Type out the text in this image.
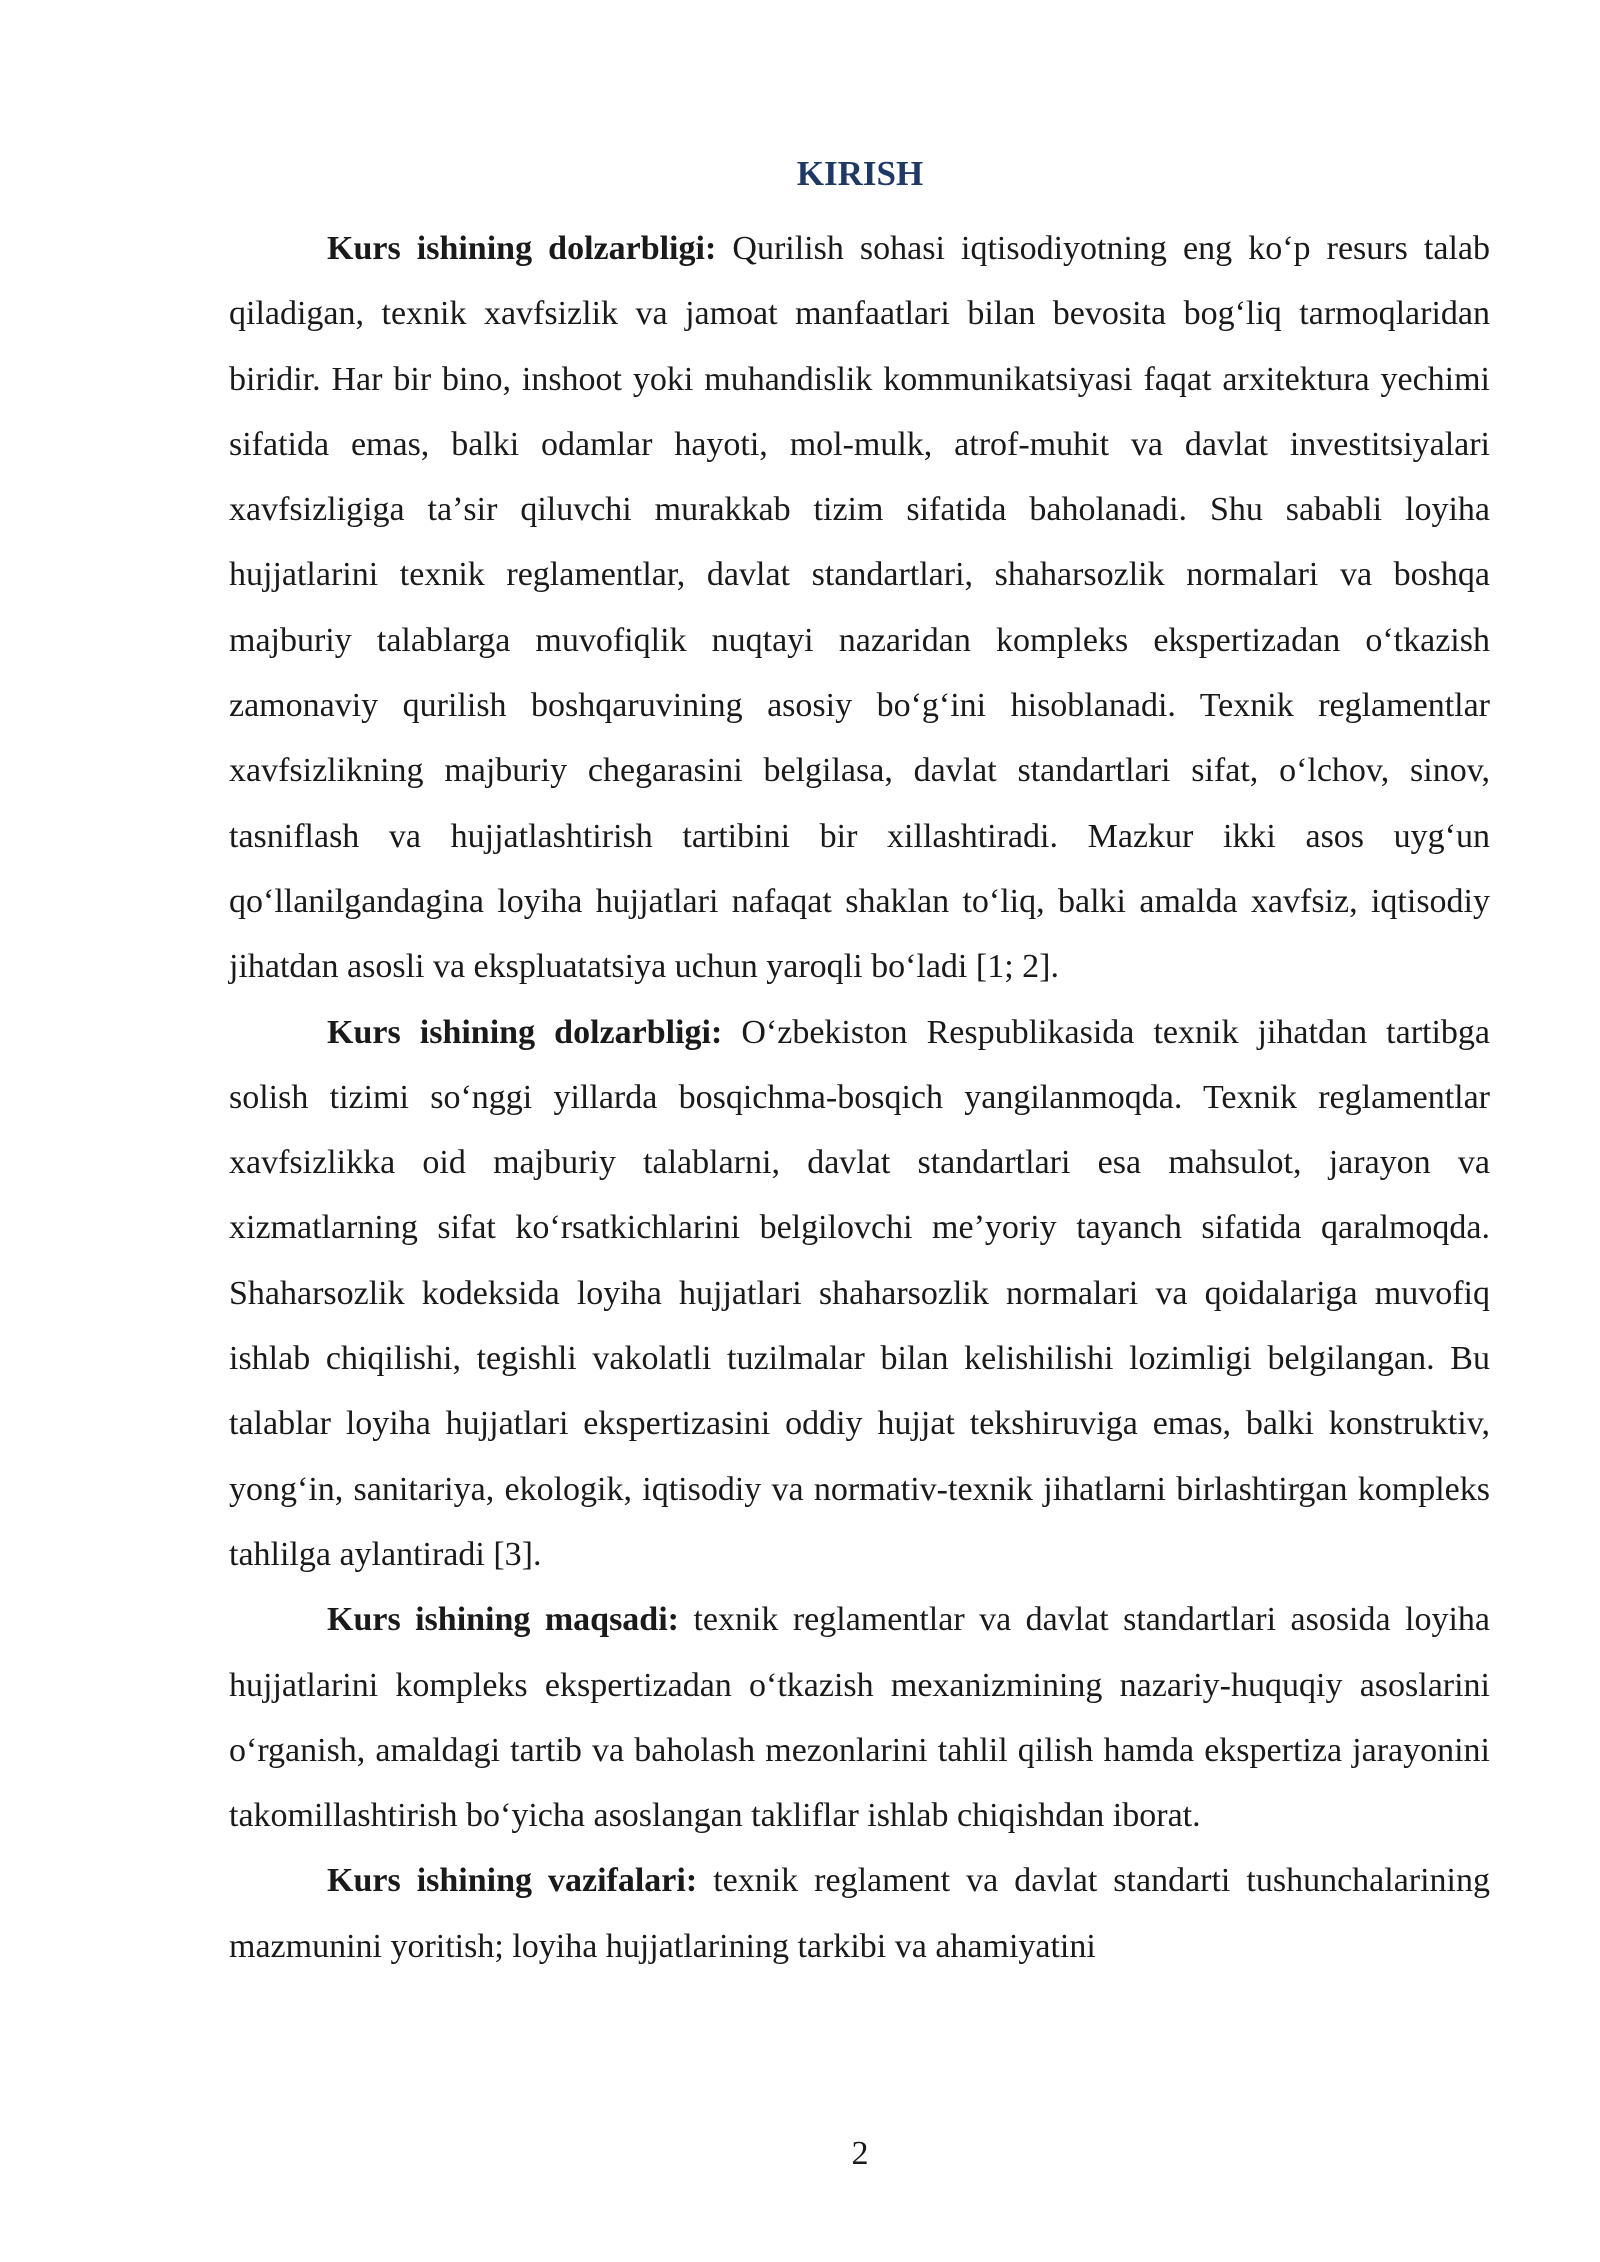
KIRISH

Kurs ishining dolzarbligi: Qurilish sohasi iqtisodiyotning eng koʻp resurs talab qiladigan, texnik xavfsizlik va jamoat manfaatlari bilan bevosita bogʻliq tarmoqlaridan biridir. Har bir bino, inshoot yoki muhandislik kommunikatsiyasi faqat arxitektura yechimi sifatida emas, balki odamlar hayoti, mol-mulk, atrof-muhit va davlat investitsiyalari xavfsizligiga taʼsir qiluvchi murakkab tizim sifatida baholanadi. Shu sababli loyiha hujjatlarini texnik reglamentlar, davlat standartlari, shaharsozlik normalari va boshqa majburiy talablarga muvofiqlik nuqtayi nazaridan kompleks ekspertizadan oʻtkazish zamonaviy qurilish boshqaruvining asosiy boʻgʻini hisoblanadi. Texnik reglamentlar xavfsizlikning majburiy chegarasini belgilasa, davlat standartlari sifat, oʻlchov, sinov, tasniflash va hujjatlashtirish tartibini bir xillashtiradi. Mazkur ikki asos uygʻun qoʻllanilgandagina loyiha hujjatlari nafaqat shaklan toʻliq, balki amalda xavfsiz, iqtisodiy jihatdan asosli va ekspluatatsiya uchun yaroqli boʻladi [1; 2].

Kurs ishining dolzarbligi: Oʻzbekiston Respublikasida texnik jihatdan tartibga solish tizimi soʻnggi yillarda bosqichma-bosqich yangilanmoqda. Texnik reglamentlar xavfsizlikka oid majburiy talablarni, davlat standartlari esa mahsulot, jarayon va xizmatlarning sifat koʻrsatkichlarini belgilovchi meʼyoriy tayanch sifatida qaralmoqda. Shaharsozlik kodeksida loyiha hujjatlari shaharsozlik normalari va qoidalariga muvofiq ishlab chiqilishi, tegishli vakolatli tuzilmalar bilan kelishilishi lozimligi belgilangan. Bu talablar loyiha hujjatlari ekspertizasini oddiy hujjat tekshiruviga emas, balki konstruktiv, yongʻin, sanitariya, ekologik, iqtisodiy va normativ-texnik jihatlarni birlashtirgan kompleks tahlilga aylantiradi [3].

Kurs ishining maqsadi: texnik reglamentlar va davlat standartlari asosida loyiha hujjatlarini kompleks ekspertizadan oʻtkazish mexanizmining nazariy-huquqiy asoslarini oʻrganish, amaldagi tartib va baholash mezonlarini tahlil qilish hamda ekspertiza jarayonini takomillashtirish boʻyicha asoslangan takliflar ishlab chiqishdan iborat.

Kurs ishining vazifalari: texnik reglament va davlat standarti tushunchalarining mazmunini yoritish; loyiha hujjatlarining tarkibi va ahamiyatini

2
